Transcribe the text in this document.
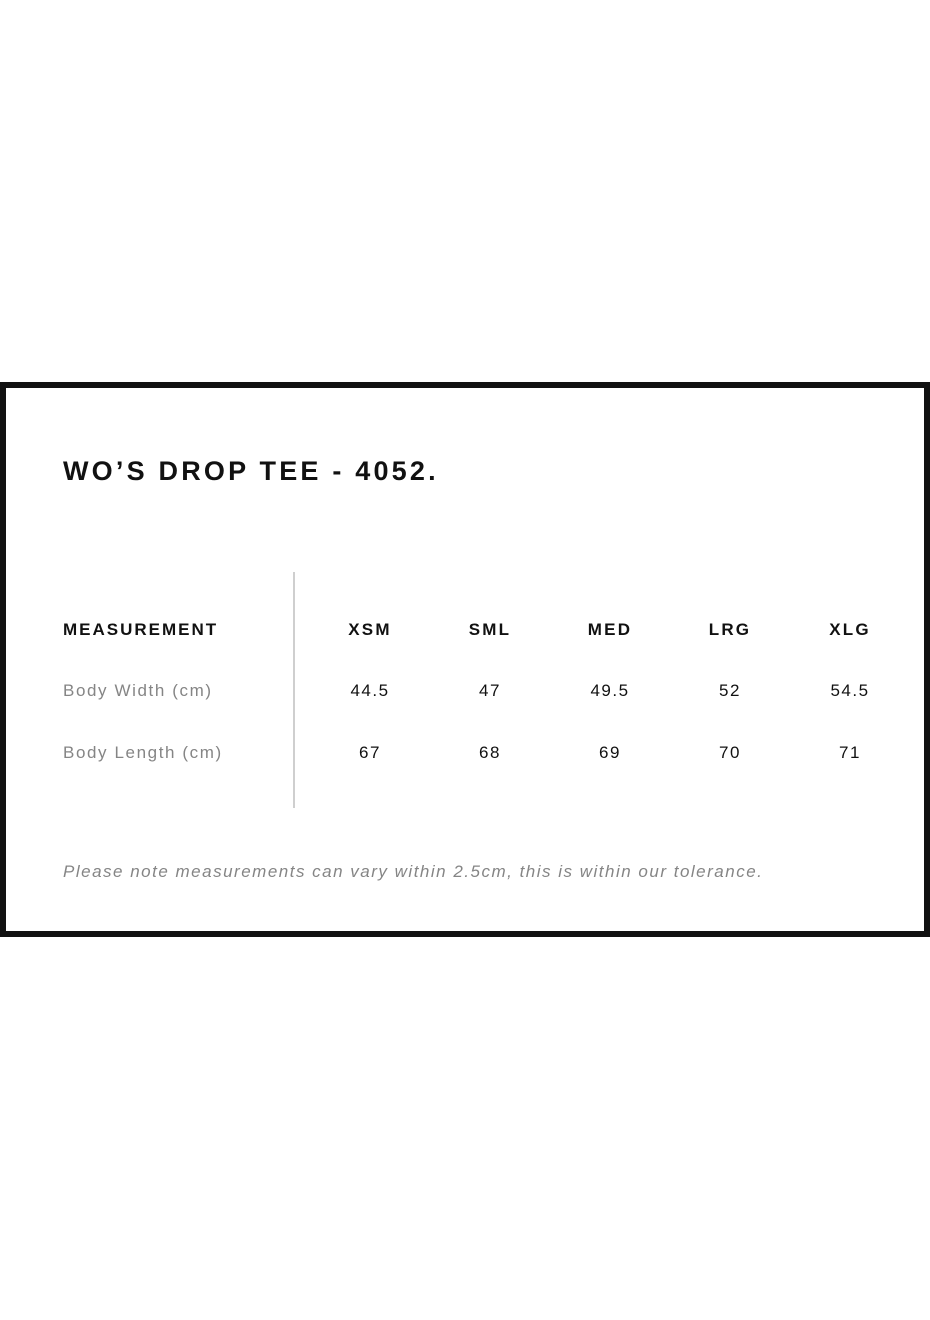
WO’S DROP TEE - 4052.
MEASUREMENT	XSM	SML	MED	LRG	XLG
Body Width (cm)	44.5	47	49.5	52	54.5
Body Length (cm)	67	68	69	70	71

Please note measurements can vary within 2.5cm, this is within our tolerance.
